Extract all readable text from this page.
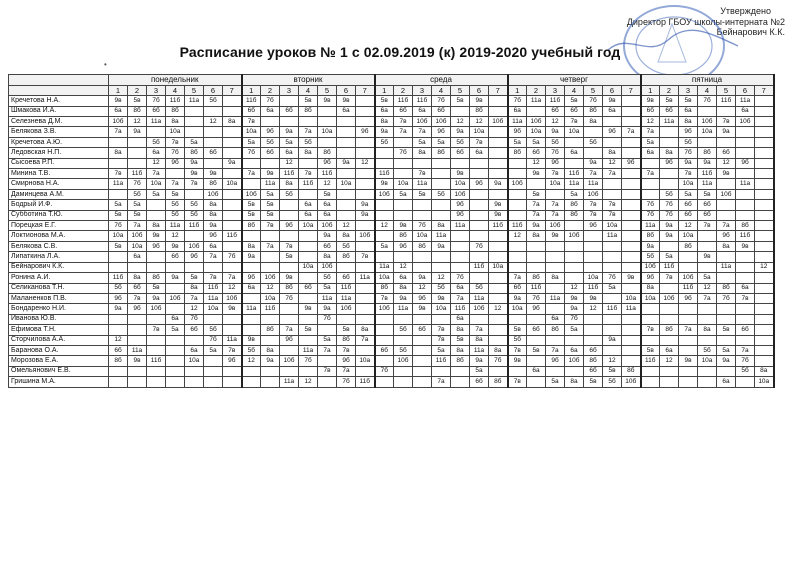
Утверждено
Директор ГБОУ школы-интерната №2
Бейнарович К.К.
Расписание уроков № 1 с 02.09.2019 (к) 2019-2020 учебный год
•
	понедельник							вторник							среда							четверг							пятница						
	1	2	3	4	5	6	7	1	2	3	4	5	6	7	1	2	3	4	5	6	7	1	2	3	4	5	6	7	1	2	3	4	5	6	7
Кречетова Н.А.	9в	5в	7б	11б	11а	5б		11б	7б		5в	9в	9в		5в	11б	11б	7б	5в	9в		7б	11а	11б	5в	7б	9в		9в	5в	5в	7б	11б	11а	
Шмакова И.А.	6а	8б	6б	8б				6б	6а	6б	8б		6а		6а	6б	6а	6б		8б		6а		6б	6б	8б	6а		6б	6б	6а			6а	
Селезнева Д.М.	10б	12	11а	8а		12	8а	7в							8а	7в	10б	10б	12	12	10б	11а	10б	12	7в	8а			12	11а	8а	10б	7в	10б	
Белякова З.В.	7а	9а		10а				10а	9б	9а	7а	10а		9б	9а	7а	7а	9б	9а	10а		9б	10а	9а	10а		9б	7а	7а		9б	10а	9а		
Кречетова А.Ю.			5б	7в	5а			5а	5б	5а	5б				5б		5а	5а	5б	7в		5а	5а	5б		5б			5а		5б				
Ледовская Н.П.	8а		6а	7б	8б	6б		7б	6б	6а	8а	8б				7б	8а	8б	6б	6а		8б	6б	7б	6а		8а		6а	8а	7б	8б	6б		
Сысоева Р.П.			12	9б	9а		9а			12		9б	9а	12									12	9б		9а	12	9б		9б	9а	9а	12	9б	
Минина Т.В.	7в	11б	7а		9в	9в		7а	9в	11б	7в	11б			11б		7в		9в				9в	7в	11б	7а	7а		7а		7в	11б	9в		
Смирнова Н.А.	11а	7б	10а	7а	7в	8б	10а		11а	8а	11б	12	10а		9в	10а	11а		10а	9б	9а	10б		10а	11а	11а					10а	11а		11а	
Даминцева А.М.		5б	5а	5в		10б		10б	5а	5б		5в			10б	5а	5в	5б	10б				5в		5а	10б				5б	5а	5в	10б		
Бодрый И.Ф.	5а	5а		5б	5б	8а		5в	5в		6а	6а		9а					9б		9в		7а	7а	8б	7в	7в		7б	7б	6б	6б			
Субботина Т.Ю.	5в	5в		5б	5б	8а		5в	5в		6а	6а		9а					9б		9в		7а	7а	8б	7в	7в		7б	7б	6б	6б			
Порецкая Е.Г.	7б	7а	8а	11а	11б	9а		8б	7в	9б	10а	10б	12		12	9в	7б	8а	11а		11б	11б	9а	10б		9б	10а		11а	9а	12	7в	7а	8б	
Локтионова М.А.	10а	10б	9в	12		9б	11б					9а	8а	10б		8б	10а	11а				12	8а	9в	10б		11а		8б	9а	10а		9б	11б	
Белякова С.В.	5в	10а	9б	9в	10б	6а		8а	7а	7в		6б	5б		5а	9б	8б	9а		7б									9а		8б		8а	9в	
Липаткина Л.А.		6а		6б	9б	7а	7б	9а		5в		8а	8б	7в															5б	5а		9в			
Бейнарович К.К.											10а	10б			11а	12				11б	10а								10б	11б			11а		12
Ронина А.И.	11б	8а	8б	9а	5в	7в	7а	9б	10б	9в		5б	6б	11а	10а	6а	9а	12	7б			7а	8б	8а		10а	7б	9в	9б	7в	10б	5а			
Селиканова Т.Н.	5б	6б	5в		8а	11б	12	6а	12	8б	6б	5а	11б		8б	8а	12	5б	6а	5б		6б	11б		12	11б	5а		8а		11б	12	8б	6а	
Маланенков П.В.	9б	7в	9а	10б	7а	11а	10б		10а	7б		11а	11а		7в	9а	9б	9в	7а	11а		9а	7б	11а	9в	9в		10а	10а	10б	9б	7а	7б	7в	
Бондаренко Н.И.	9а	9б	10б		12	10а	9в	11а	11б		9в	9а	10б		10б	11а	9в	10а	11б	10б	12	10а	9б		9а	12	11б	11а							
Иванова Ю.В.				6а	7б							7б							6а					6а	7б										
Ефимова Т.Н.			7в	5а	6б	5б			8б	7а	5в		5в	8а		5б	6б	7в	8а	7а		5в	6б	8б	5а				7в	8б	7а	8а	5в	6б	
Сторчилова А.А.	12					7б	11а	9в		9б		5а	8б	7а				7в	5в	8а		5б					9а								
Баранова О.А.	6б	11а			6а	5а	7в	5б	8а		11а	7а	7в		6б	5б		5а	8а	11а	8а	7в	5в	7а	6а	6б			5в	6а		5б	5а	7а	
Морозова Е.А.	8б	9в	11б		10а		9б	12	9а	10б	7б		9б	10а		10б		11б	8б	9а	7б	9в		9б	10б	8б	12		11б	12	9в	10а	9а	7б	
Омельянович Е.В.												7в	7а		7б					5а			6а			6б	5в	8б						5б	8а
Гришина М.А.										11а	12		7б	11б				7а		6б	8б	7в		5а	8а	5в	5б	10б					6а		10а
